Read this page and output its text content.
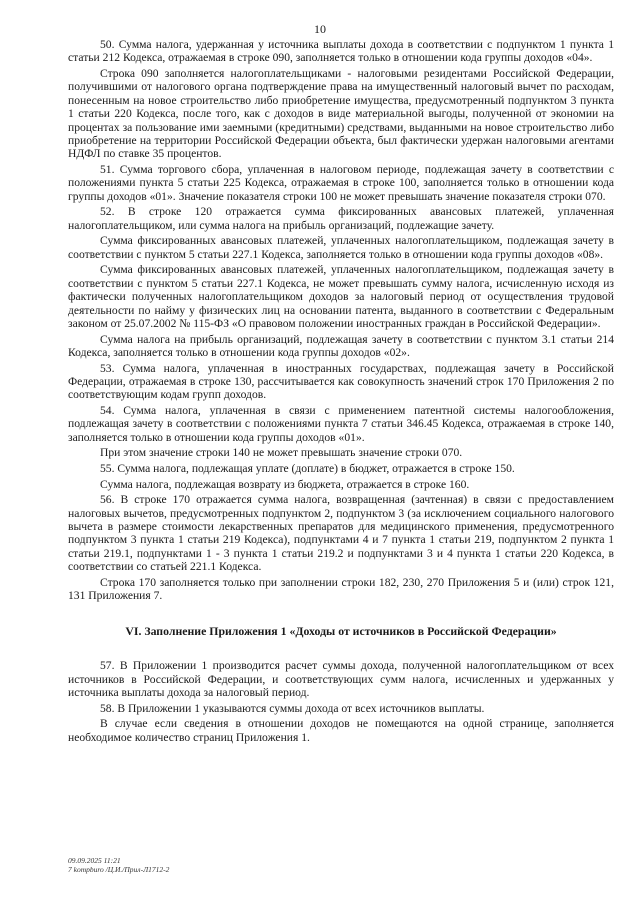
10

50. Сумма налога, удержанная у источника выплаты дохода в соответствии с подпунктом 1 пункта 1 статьи 212 Кодекса, отражаемая в строке 090, заполняется только в отношении кода группы доходов «04».

Строка 090 заполняется налогоплательщиками - налоговыми резидентами Российской Федерации, получившими от налогового органа подтверждение права на имущественный налоговый вычет по расходам, понесенным на новое строительство либо приобретение имущества, предусмотренный подпунктом 3 пункта 1 статьи 220 Кодекса, после того, как с доходов в виде материальной выгоды, полученной от экономии на процентах за пользование ими заемными (кредитными) средствами, выданными на новое строительство либо приобретение на территории Российской Федерации объекта, был фактически удержан налоговыми агентами НДФЛ по ставке 35 процентов.

51. Сумма торгового сбора, уплаченная в налоговом периоде, подлежащая зачету в соответствии с положениями пункта 5 статьи 225 Кодекса, отражаемая в строке 100, заполняется только в отношении кода группы доходов «01». Значение показателя строки 100 не может превышать значение показателя строки 070.

52. В строке 120 отражается сумма фиксированных авансовых платежей, уплаченная налогоплательщиком, или сумма налога на прибыль организаций, подлежащие зачету.

Сумма фиксированных авансовых платежей, уплаченных налогоплательщиком, подлежащая зачету в соответствии с пунктом 5 статьи 227.1 Кодекса, заполняется только в отношении кода группы доходов «08».

Сумма фиксированных авансовых платежей, уплаченных налогоплательщиком, подлежащая зачету в соответствии с пунктом 5 статьи 227.1 Кодекса, не может превышать сумму налога, исчисленную исходя из фактически полученных налогоплательщиком доходов за налоговый период от осуществления трудовой деятельности по найму у физических лиц на основании патента, выданного в соответствии с Федеральным законом от 25.07.2002 № 115-ФЗ «О правовом положении иностранных граждан в Российской Федерации».

Сумма налога на прибыль организаций, подлежащая зачету в соответствии с пунктом 3.1 статьи 214 Кодекса, заполняется только в отношении кода группы доходов «02».

53. Сумма налога, уплаченная в иностранных государствах, подлежащая зачету в Российской Федерации, отражаемая в строке 130, рассчитывается как совокупность значений строк 170 Приложения 2 по соответствующим кодам групп доходов.

54. Сумма налога, уплаченная в связи с применением патентной системы налогообложения, подлежащая зачету в соответствии с положениями пункта 7 статьи 346.45 Кодекса, отражаемая в строке 140, заполняется только в отношении кода группы доходов «01».

При этом значение строки 140 не может превышать значение строки 070.

55. Сумма налога, подлежащая уплате (доплате) в бюджет, отражается в строке 150.

Сумма налога, подлежащая возврату из бюджета, отражается в строке 160.

56. В строке 170 отражается сумма налога, возвращенная (зачтенная) в связи с предоставлением налоговых вычетов, предусмотренных подпунктом 2, подпунктом 3 (за исключением социального налогового вычета в размере стоимости лекарственных препаратов для медицинского применения, предусмотренного подпунктом 3 пункта 1 статьи 219 Кодекса), подпунктами 4 и 7 пункта 1 статьи 219, подпунктом 2 пункта 1 статьи 219.1, подпунктами 1 - 3 пункта 1 статьи 219.2 и подпунктами 3 и 4 пункта 1 статьи 220 Кодекса, в соответствии со статьей 221.1 Кодекса.

Строка 170 заполняется только при заполнении строки 182, 230, 270 Приложения 5 и (или) строк 121, 131 Приложения 7.

VI. Заполнение Приложения 1 «Доходы от источников в Российской Федерации»

57. В Приложении 1 производится расчет суммы дохода, полученной налогоплательщиком от всех источников в Российской Федерации, и соответствующих сумм налога, исчисленных и удержанных у источника выплаты дохода за налоговый период.

58. В Приложении 1 указываются суммы дохода от всех источников выплаты.

В случае если сведения в отношении доходов не помещаются на одной странице, заполняется необходимое количество страниц Приложения 1.

09.09.2025 11:21
7 kompburo /Ц.И./Прил-Л1712-2
